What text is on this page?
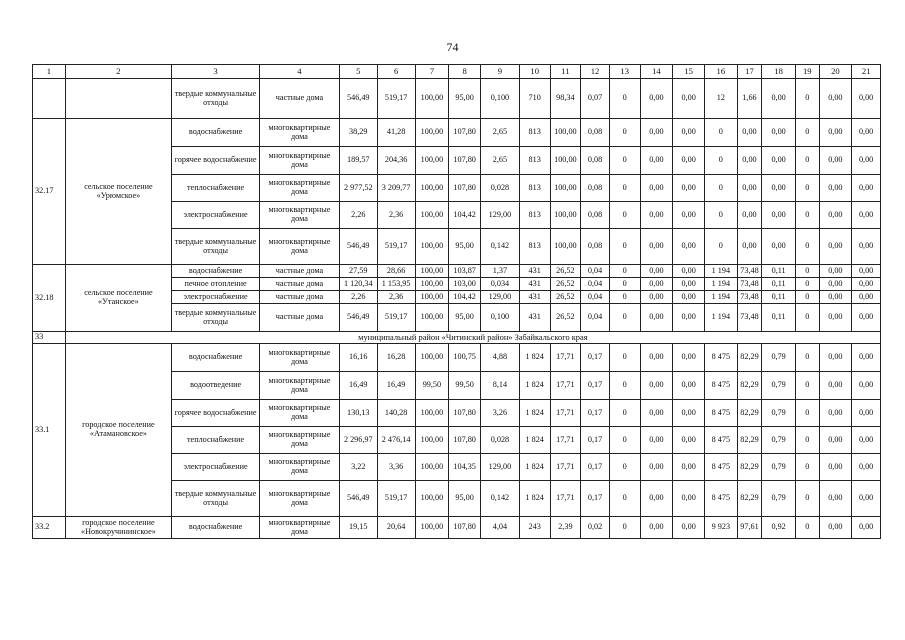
74
1	2	3	4	5	6	7	8	9	10	11	12	13	14	15	16	17	18	19	20	21
		твердые коммунальные отходы	частные дома	546,49	519,17	100,00	95,00	0,100	710	98,34	0,07	0	0,00	0,00	12	1,66	0,00	0	0,00	0,00
32.17	сельское поселение «Урюмское»	водоснабжение	многоквартирные дома	38,29	41,28	100,00	107,80	2,65	813	100,00	0,08	0	0,00	0,00	0	0,00	0,00	0	0,00	0,00
		горячее водоснабжение	многоквартирные дома	189,57	204,36	100,00	107,80	2,65	813	100,00	0,08	0	0,00	0,00	0	0,00	0,00	0	0,00	0,00
		теплоснабжение	многоквартирные дома	2 977,52	3 209,77	100,00	107,80	0,028	813	100,00	0,08	0	0,00	0,00	0	0,00	0,00	0	0,00	0,00
		электроснабжение	многоквартирные дома	2,26	2,36	100,00	104,42	129,00	813	100,00	0,08	0	0,00	0,00	0	0,00	0,00	0	0,00	0,00
		твердые коммунальные отходы	многоквартирные дома	546,49	519,17	100,00	95,00	0,142	813	100,00	0,08	0	0,00	0,00	0	0,00	0,00	0	0,00	0,00
32.18	сельское поселение «Утанское»	водоснабжение	частные дома	27,59	28,66	100,00	103,87	1,37	431	26,52	0,04	0	0,00	0,00	1 194	73,48	0,11	0	0,00	0,00
		печное отопление	частные дома	1 120,34	1 153,95	100,00	103,00	0,034	431	26,52	0,04	0	0,00	0,00	1 194	73,48	0,11	0	0,00	0,00
		электроснабжение	частные дома	2,26	2,36	100,00	104,42	129,00	431	26,52	0,04	0	0,00	0,00	1 194	73,48	0,11	0	0,00	0,00
		твердые коммунальные отходы	частные дома	546,49	519,17	100,00	95,00	0,100	431	26,52	0,04	0	0,00	0,00	1 194	73,48	0,11	0	0,00	0,00
33	муниципальный район «Читинский район» Забайкальского края																			
33.1	городское поселение «Атамановское»	водоснабжение	многоквартирные дома	16,16	16,28	100,00	100,75	4,88	1 824	17,71	0,17	0	0,00	0,00	8 475	82,29	0,79	0	0,00	0,00
		водоотведение	многоквартирные дома	16,49	16,49	99,50	99,50	8,14	1 824	17,71	0,17	0	0,00	0,00	8 475	82,29	0,79	0	0,00	0,00
		горячее водоснабжение	многоквартирные дома	130,13	140,28	100,00	107,80	3,26	1 824	17,71	0,17	0	0,00	0,00	8 475	82,29	0,79	0	0,00	0,00
		теплоснабжение	многоквартирные дома	2 296,97	2 476,14	100,00	107,80	0,028	1 824	17,71	0,17	0	0,00	0,00	8 475	82,29	0,79	0	0,00	0,00
		электроснабжение	многоквартирные дома	3,22	3,36	100,00	104,35	129,00	1 824	17,71	0,17	0	0,00	0,00	8 475	82,29	0,79	0	0,00	0,00
		твердые коммунальные отходы	многоквартирные дома	546,49	519,17	100,00	95,00	0,142	1 824	17,71	0,17	0	0,00	0,00	8 475	82,29	0,79	0	0,00	0,00
33.2	городское поселение «Новокручининское»	водоснабжение	многоквартирные дома	19,15	20,64	100,00	107,80	4,04	243	2,39	0,02	0	0,00	0,00	9 923	97,61	0,92	0	0,00	0,00
